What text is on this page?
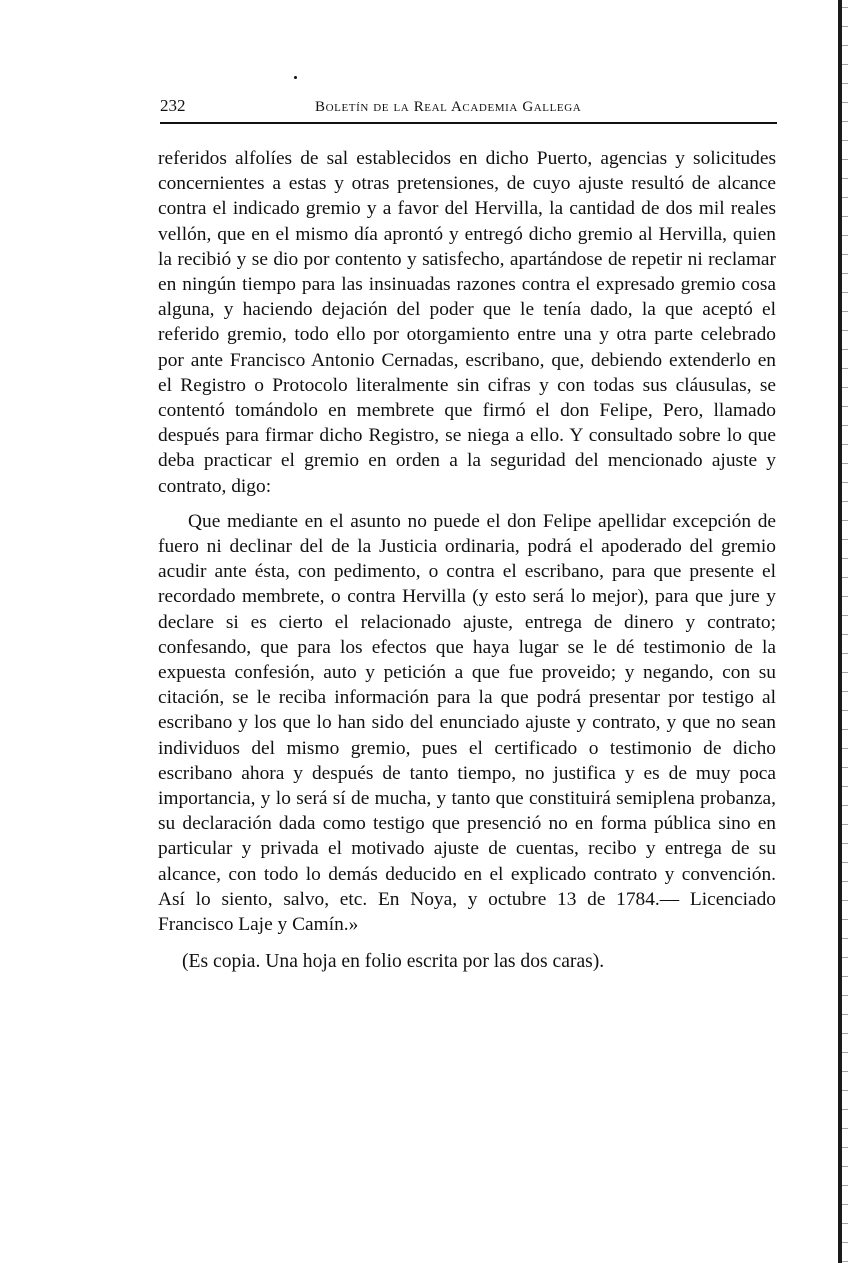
232	Boletín de la Real Academia Gallega

referidos alfolíes de sal establecidos en dicho Puerto, agencias y solicitudes concernientes a estas y otras pretensiones, de cuyo ajuste resultó de alcance contra el indicado gremio y a favor del Hervilla, la cantidad de dos mil reales vellón, que en el mismo día aprontó y entregó dicho gremio al Hervilla, quien la recibió y se dio por contento y satisfecho, apartándose de repetir ni reclamar en ningún tiempo para las insinuadas razones contra el expresado gremio cosa alguna, y haciendo dejación del poder que le tenía dado, la que aceptó el referido gremio, todo ello por otorgamiento entre una y otra parte celebrado por ante Francisco Antonio Cernadas, escribano, que, debiendo extenderlo en el Registro o Protocolo literalmente sin cifras y con todas sus cláusulas, se contentó tomándolo en membrete que firmó el don Felipe, Pero, llamado después para firmar dicho Registro, se niega a ello. Y consultado sobre lo que deba practicar el gremio en orden a la seguridad del mencionado ajuste y contrato, digo:

Que mediante en el asunto no puede el don Felipe apellidar excepción de fuero ni declinar del de la Justicia ordinaria, podrá el apoderado del gremio acudir ante ésta, con pedimento, o contra el escribano, para que presente el recordado membrete, o contra Hervilla (y esto será lo mejor), para que jure y declare si es cierto el relacionado ajuste, entrega de dinero y contrato; confesando, que para los efectos que haya lugar se le dé testimonio de la expuesta confesión, auto y petición a que fue proveido; y negando, con su citación, se le reciba información para la que podrá presentar por testigo al escribano y los que lo han sido del enunciado ajuste y contrato, y que no sean individuos del mismo gremio, pues el certificado o testimonio de dicho escribano ahora y después de tanto tiempo, no justifica y es de muy poca importancia, y lo será sí de mucha, y tanto que constituirá semiplena probanza, su declaración dada como testigo que presenció no en forma pública sino en particular y privada el motivado ajuste de cuentas, recibo y entrega de su alcance, con todo lo demás deducido en el explicado contrato y convención. Así lo siento, salvo, etc. En Noya, y octubre 13 de 1784.— Licenciado Francisco Laje y Camín.»

(Es copia. Una hoja en folio escrita por las dos caras).
